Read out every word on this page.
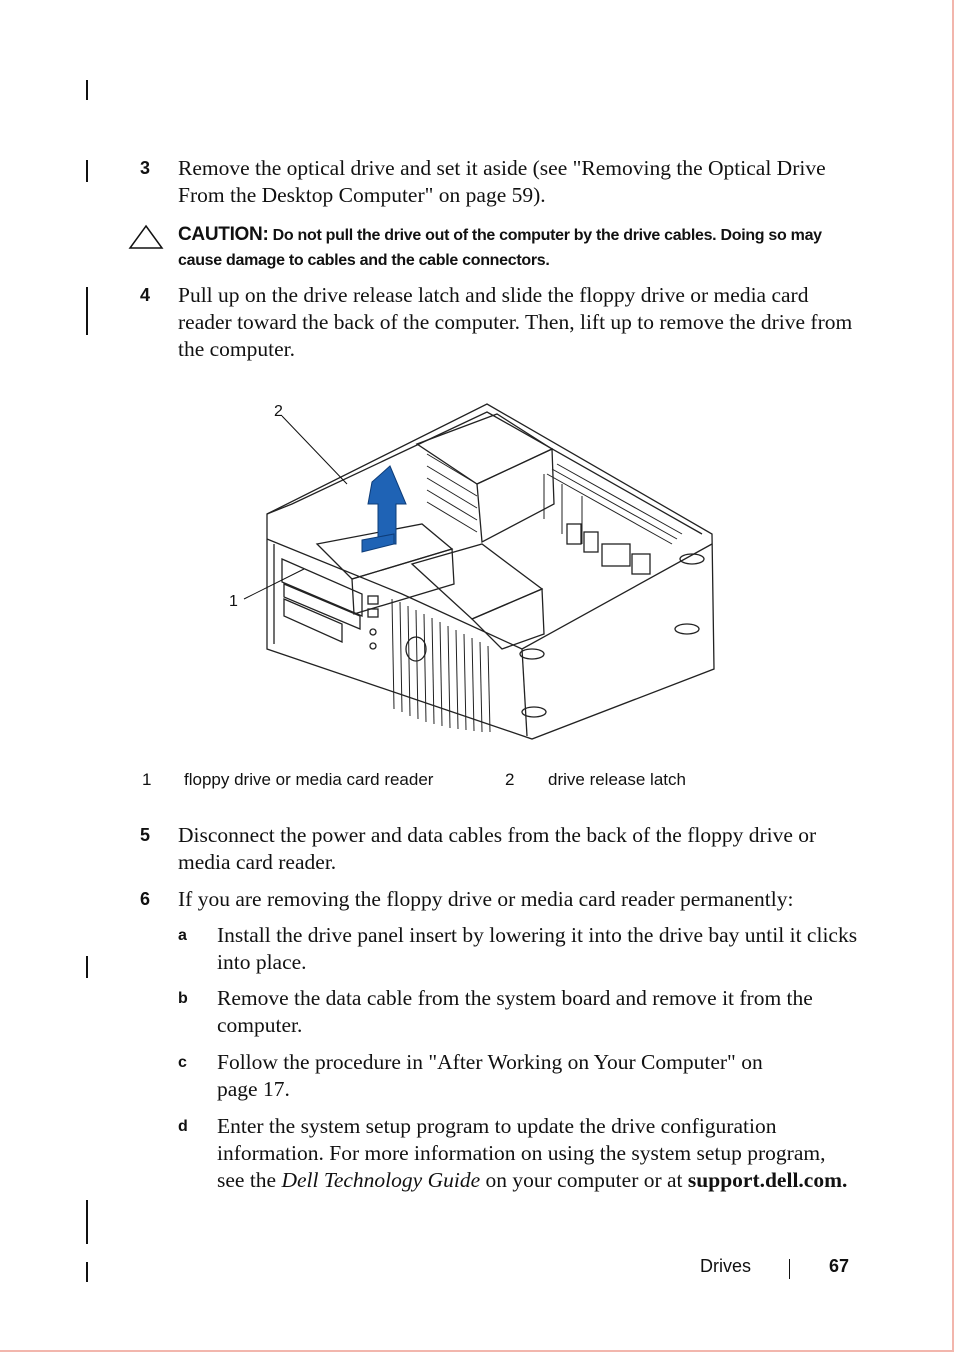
3 Remove the optical drive and set it aside (see "Removing the Optical Drive From the Desktop Computer" on page 59).
CAUTION: Do not pull the drive out of the computer by the drive cables. Doing so may cause damage to cables and the cable connectors.
4 Pull up on the drive release latch and slide the floppy drive or media card reader toward the back of the computer. Then, lift up to remove the drive from the computer.
2
1
1 floppy drive or media card reader	2 drive release latch
5 Disconnect the power and data cables from the back of the floppy drive or media card reader.
6 If you are removing the floppy drive or media card reader permanently:
a Install the drive panel insert by lowering it into the drive bay until it clicks into place.
b Remove the data cable from the system board and remove it from the computer.
c Follow the procedure in "After Working on Your Computer" on page 17.
d Enter the system setup program to update the drive configuration information. For more information on using the system setup program, see the Dell Technology Guide on your computer or at support.dell.com.
Drives	67
